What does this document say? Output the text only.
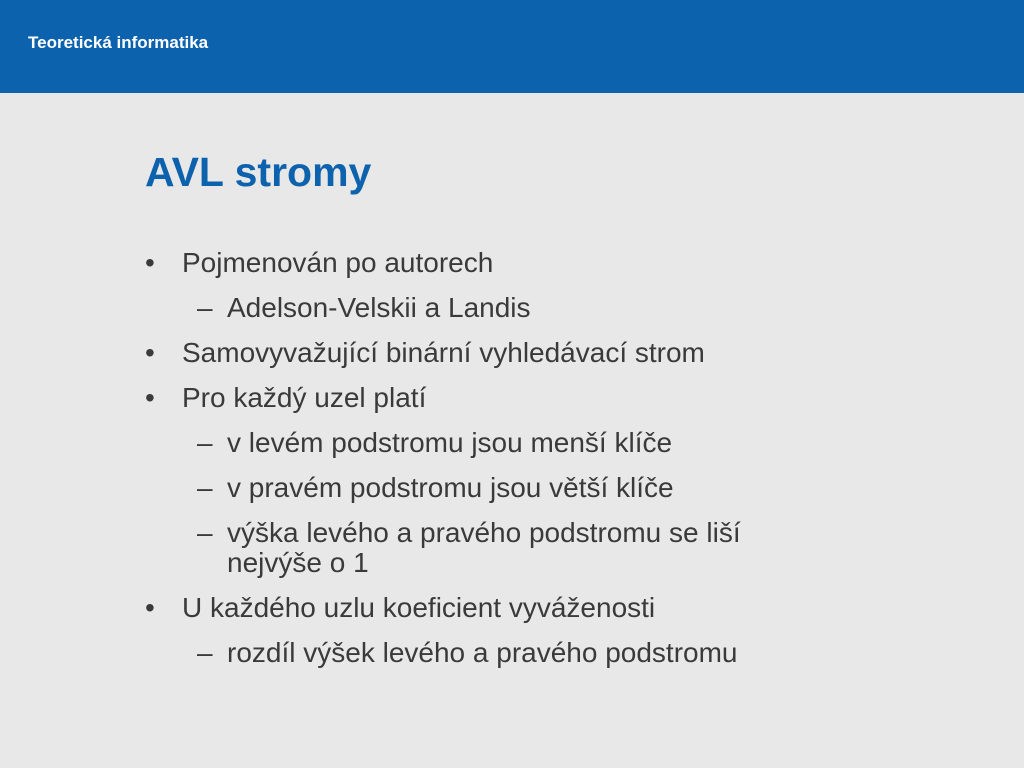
Teoretická informatika
AVL stromy
• Pojmenován po autorech
– Adelson-Velskii a Landis
• Samovyvažující binární vyhledávací strom
• Pro každý uzel platí
– v levém podstromu jsou menší klíče
– v pravém podstromu jsou větší klíče
– výška levého a pravého podstromu se liší
nejvýše o 1
• U každého uzlu koeficient vyváženosti
– rozdíl výšek levého a pravého podstromu
